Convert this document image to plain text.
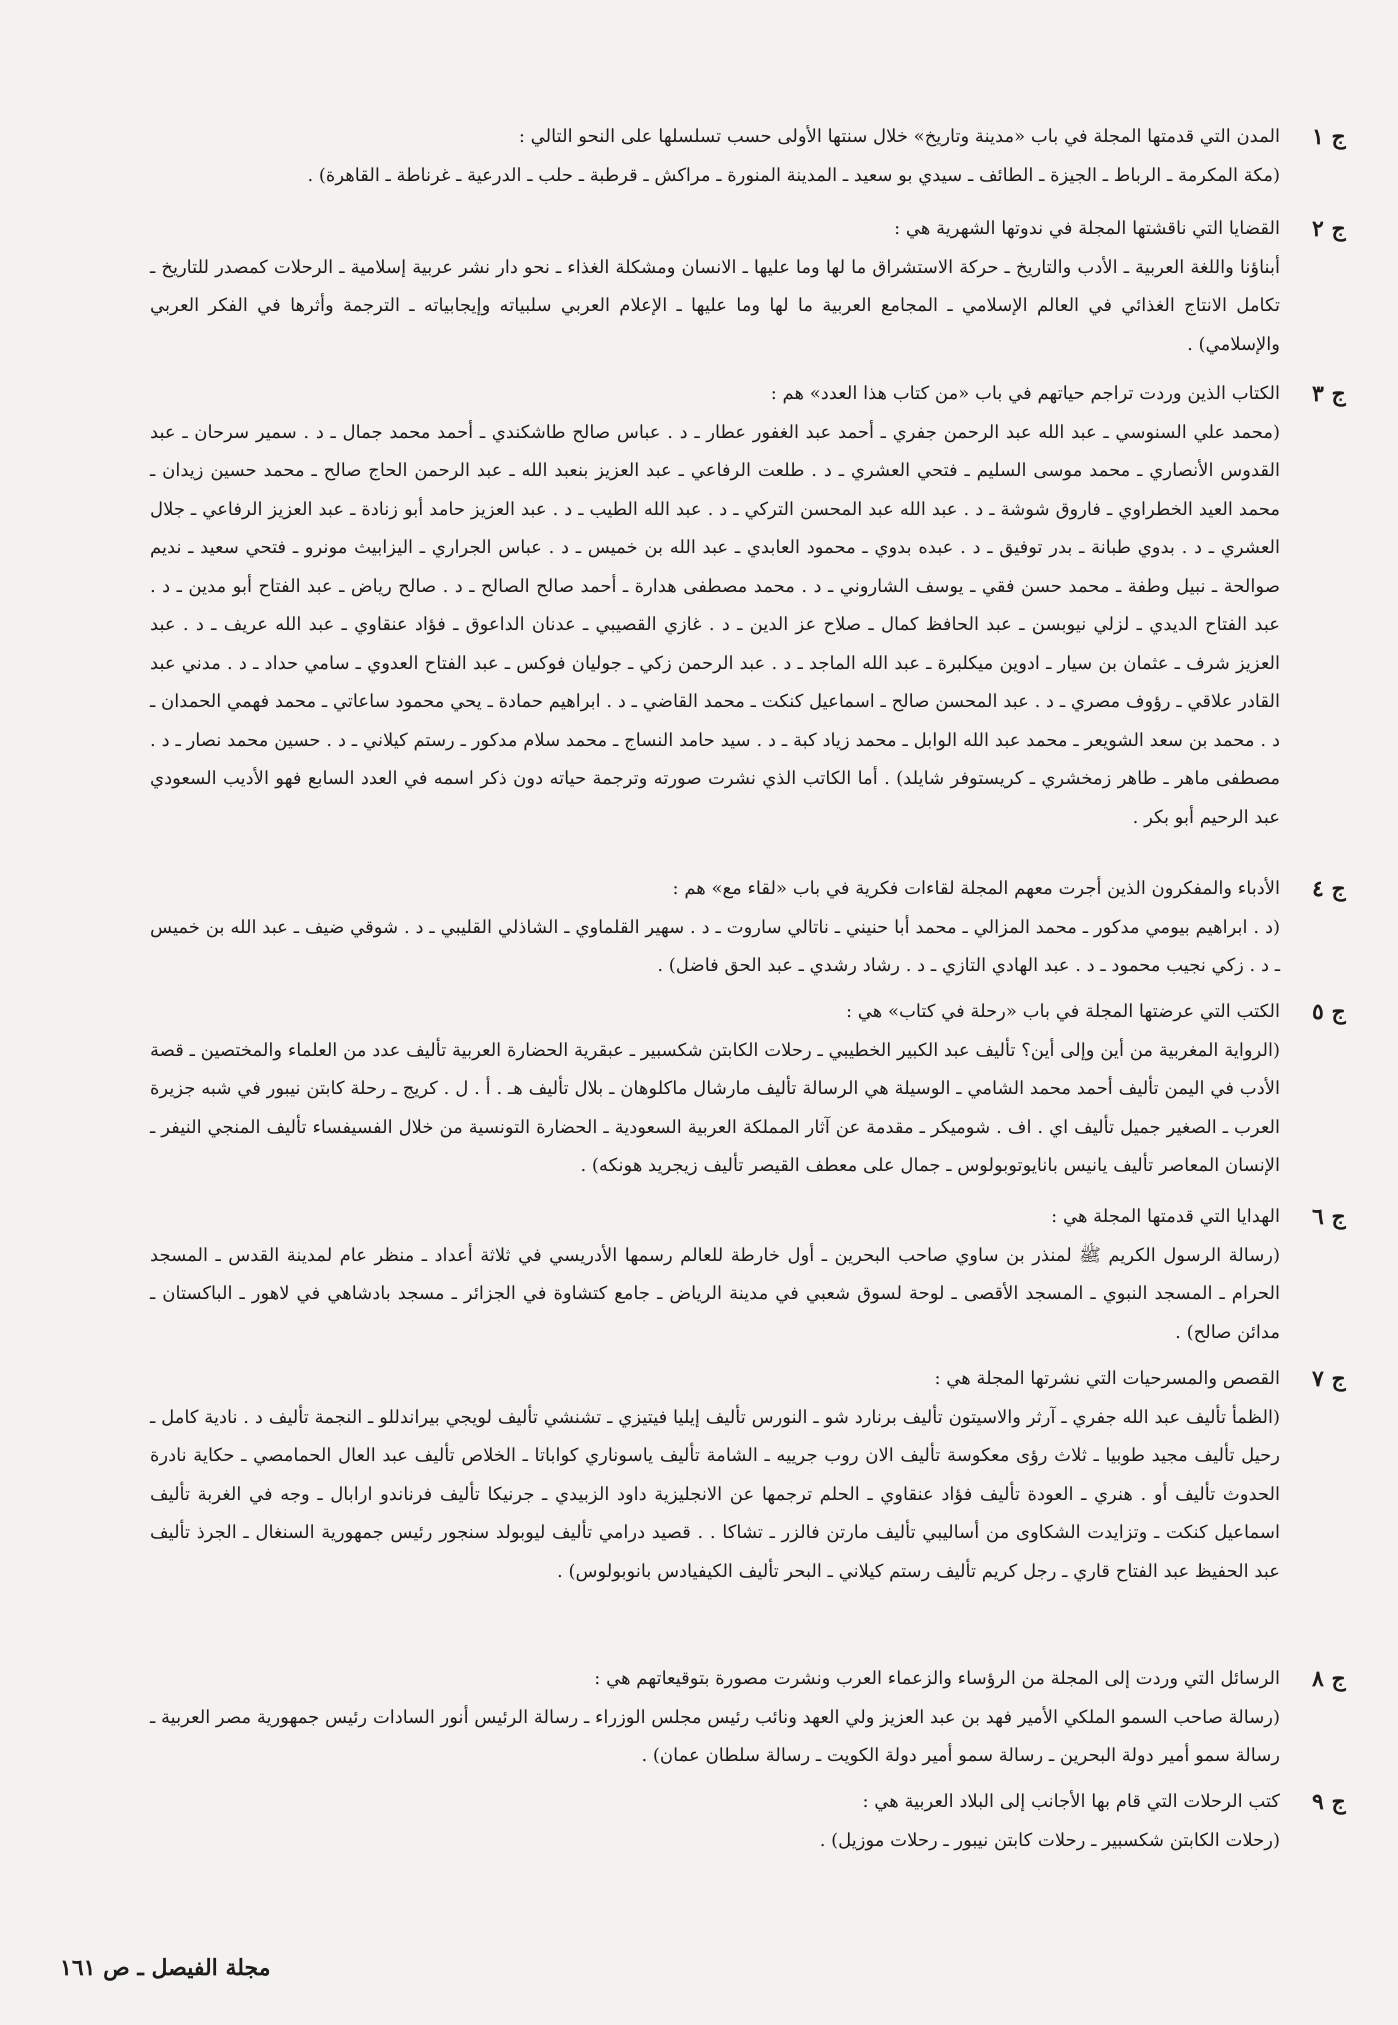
ج ١

المدن التي قدمتها المجلة في باب «مدينة وتاريخ» خلال سنتها الأولى حسب تسلسلها على النحو التالي :

(مكة المكرمة ـ الرباط ـ الجيزة ـ الطائف ـ سيدي بو سعيد ـ المدينة المنورة ـ مراكش ـ قرطبة ـ حلب ـ الدرعية ـ غرناطة ـ القاهرة) .

ج ٢

القضايا التي ناقشتها المجلة في ندوتها الشهرية هي :

أبناؤنا واللغة العربية ـ الأدب والتاريخ ـ حركة الاستشراق ما لها وما عليها ـ الانسان ومشكلة الغذاء ـ نحو دار نشر عربية إسلامية ـ الرحلات كمصدر للتاريخ ـ تكامل الانتاج الغذائي في العالم الإسلامي ـ المجامع العربية ما لها وما عليها ـ الإعلام العربي سلبياته وإيجابياته ـ الترجمة وأثرها في الفكر العربي والإسلامي) .

ج ٣

الكتاب الذين وردت تراجم حياتهم في باب «من كتاب هذا العدد» هم :

(محمد علي السنوسي ـ عبد الله عبد الرحمن جفري ـ أحمد عبد الغفور عطار ـ د . عباس صالح طاشكندي ـ أحمد محمد جمال ـ د . سمير سرحان ـ عبد القدوس الأنصاري ـ محمد موسى السليم ـ فتحي العشري ـ د . طلعت الرفاعي ـ عبد العزيز بنعبد الله ـ عبد الرحمن الحاج صالح ـ محمد حسين زيدان ـ محمد العيد الخطراوي ـ فاروق شوشة ـ د . عبد الله عبد المحسن التركي ـ د . عبد الله الطيب ـ د . عبد العزيز حامد أبو زنادة ـ عبد العزيز الرفاعي ـ جلال العشري ـ د . بدوي طبانة ـ بدر توفيق ـ د . عبده بدوي ـ محمود العابدي ـ عبد الله بن خميس ـ د . عباس الجراري ـ اليزابيث مونرو ـ فتحي سعيد ـ نديم صوالحة ـ نبيل وطفة ـ محمد حسن فقي ـ يوسف الشاروني ـ د . محمد مصطفى هدارة ـ أحمد صالح الصالح ـ د . صالح رياض ـ عبد الفتاح أبو مدين ـ د . عبد الفتاح الديدي ـ لزلي نيوبسن ـ عبد الحافظ كمال ـ صلاح عز الدين ـ د . غازي القصيبي ـ عدنان الداعوق ـ فؤاد عنقاوي ـ عبد الله عريف ـ د . عبد العزيز شرف ـ عثمان بن سيار ـ ادوين ميكلبرة ـ عبد الله الماجد ـ د . عبد الرحمن زكي ـ جوليان فوكس ـ عبد الفتاح العدوي ـ سامي حداد ـ د . مدني عبد القادر علاقي ـ رؤوف مصري ـ د . عبد المحسن صالح ـ اسماعيل كنكت ـ محمد القاضي ـ د . ابراهيم حمادة ـ يحي محمود ساعاتي ـ محمد فهمي الحمدان ـ د . محمد بن سعد الشويعر ـ محمد عبد الله الوابل ـ محمد زياد كبة ـ د . سيد حامد النساج ـ محمد سلام مدكور ـ رستم كيلاني ـ د . حسين محمد نصار ـ د . مصطفى ماهر ـ طاهر زمخشري ـ كريستوفر شايلد) . أما الكاتب الذي نشرت صورته وترجمة حياته دون ذكر اسمه في العدد السابع فهو الأديب السعودي عبد الرحيم أبو بكر .

ج ٤

الأدباء والمفكرون الذين أجرت معهم المجلة لقاءات فكرية في باب «لقاء مع» هم :

(د . ابراهيم بيومي مدكور ـ محمد المزالي ـ محمد أبا حنيني ـ ناتالي ساروت ـ د . سهير القلماوي ـ الشاذلي القليبي ـ د . شوقي ضيف ـ عبد الله بن خميس ـ د . زكي نجيب محمود ـ د . عبد الهادي التازي ـ د . رشاد رشدي ـ عبد الحق فاضل) .

ج ٥

الكتب التي عرضتها المجلة في باب «رحلة في كتاب» هي :

(الرواية المغربية من أين وإلى أين؟ تأليف عبد الكبير الخطيبي ـ رحلات الكابتن شكسبير ـ عبقرية الحضارة العربية تأليف عدد من العلماء والمختصين ـ قصة الأدب في اليمن تأليف أحمد محمد الشامي ـ الوسيلة هي الرسالة تأليف مارشال ماكلوهان ـ بلال تأليف هـ . أ . ل . كريج ـ رحلة كابتن نيبور في شبه جزيرة العرب ـ الصغير جميل تأليف اي . اف . شوميكر ـ مقدمة عن آثار المملكة العربية السعودية ـ الحضارة التونسية من خلال الفسيفساء تأليف المنجي النيفر ـ الإنسان المعاصر تأليف يانيس بانايوتوبولوس ـ جمال على معطف القيصر تأليف زيجريد هونكه) .

ج ٦

الهدايا التي قدمتها المجلة هي :

(رسالة الرسول الكريم ﷺ لمنذر بن ساوي صاحب البحرين ـ أول خارطة للعالم رسمها الأدريسي في ثلاثة أعداد ـ منظر عام لمدينة القدس ـ المسجد الحرام ـ المسجد النبوي ـ المسجد الأقصى ـ لوحة لسوق شعبي في مدينة الرياض ـ جامع كتشاوة في الجزائر ـ مسجد بادشاهي في لاهور ـ الباكستان ـ مدائن صالح) .

ج ٧

القصص والمسرحيات التي نشرتها المجلة هي :

(الظمأ تأليف عبد الله جفري ـ آرثر والاسيتون تأليف برنارد شو ـ النورس تأليف إيليا فيتيزي ـ تشنشي تأليف لويجي بيراندللو ـ النجمة تأليف د . نادية كامل ـ رحيل تأليف مجيد طوبيا ـ ثلاث رؤى معكوسة تأليف الان روب جرييه ـ الشامة تأليف ياسوناري كواباتا ـ الخلاص تأليف عبد العال الحمامصي ـ حكاية نادرة الحدوث تأليف أو . هنري ـ العودة تأليف فؤاد عنقاوي ـ الحلم ترجمها عن الانجليزية داود الزبيدي ـ جرنيكا تأليف فرناندو ارابال ـ وجه في الغربة تأليف اسماعيل كنكت ـ وتزايدت الشكاوى من أساليبي تأليف مارتن فالزر ـ تشاكا . . قصيد درامي تأليف ليوبولد سنجور رئيس جمهورية السنغال ـ الجرذ تأليف عبد الحفيظ عبد الفتاح قاري ـ رجل كريم تأليف رستم كيلاني ـ البحر تأليف الكيفيادس بانوبولوس) .

ج ٨

الرسائل التي وردت إلى المجلة من الرؤساء والزعماء العرب ونشرت مصورة بتوقيعاتهم هي :

(رسالة صاحب السمو الملكي الأمير فهد بن عبد العزيز ولي العهد ونائب رئيس مجلس الوزراء ـ رسالة الرئيس أنور السادات رئيس جمهورية مصر العربية ـ رسالة سمو أمير دولة البحرين ـ رسالة سمو أمير دولة الكويت ـ رسالة سلطان عمان) .

ج ٩

كتب الرحلات التي قام بها الأجانب إلى البلاد العربية هي :

(رحلات الكابتن شكسبير ـ رحلات كابتن نيبور ـ رحلات موزيل) .

مجلة الفيصل ـ ص ١٦١
